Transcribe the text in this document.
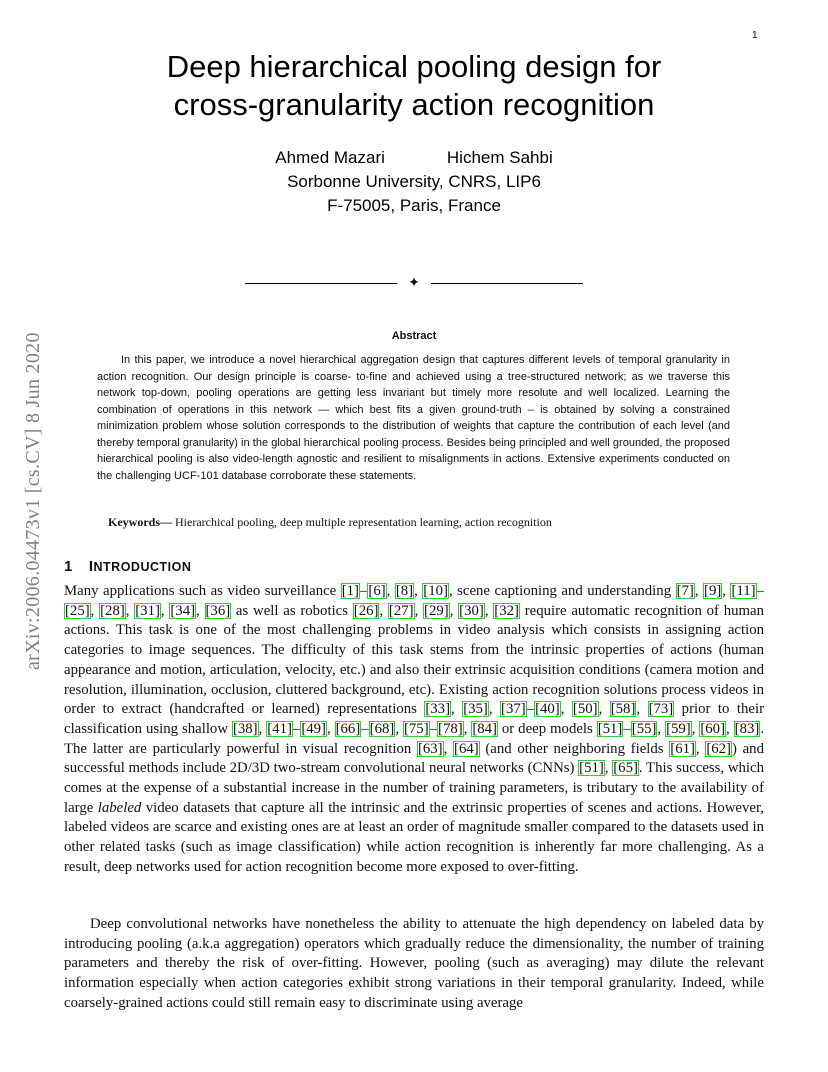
1
arXiv:2006.04473v1 [cs.CV] 8 Jun 2020
Deep hierarchical pooling design for
cross-granularity action recognition
Ahmed Mazari	Hichem Sahbi
Sorbonne University, CNRS, LIP6
F-75005, Paris, France
✦
Abstract
In this paper, we introduce a novel hierarchical aggregation design that captures different levels of temporal granularity in action recognition. Our design principle is coarse- to-fine and achieved using a tree-structured network; as we traverse this network top-down, pooling operations are getting less invariant but timely more resolute and well localized. Learning the combination of operations in this network — which best fits a given ground-truth – is obtained by solving a constrained minimization problem whose solution corresponds to the distribution of weights that capture the contribution of each level (and thereby temporal granularity) in the global hierarchical pooling process. Besides being principled and well grounded, the proposed hierarchical pooling is also video-length agnostic and resilient to misalignments in actions. Extensive experiments conducted on the challenging UCF-101 database corroborate these statements.
Keywords— Hierarchical pooling, deep multiple representation learning, action recognition
1 INTRODUCTION
Many applications such as video surveillance [1]–[6], [8], [10], scene captioning and understanding [7], [9], [11]–[25], [28], [31], [34], [36] as well as robotics [26], [27], [29], [30], [32] require automatic recognition of human actions. This task is one of the most challenging problems in video analysis which consists in assigning action categories to image sequences. The difficulty of this task stems from the intrinsic properties of actions (human appearance and motion, articulation, velocity, etc.) and also their extrinsic acquisition conditions (camera motion and resolution, illumination, occlusion, cluttered background, etc). Existing action recognition solutions process videos in order to extract (handcrafted or learned) representations [33], [35], [37]–[40], [50], [58], [73] prior to their classification using shallow [38], [41]–[49], [66]–[68], [75]–[78], [84] or deep models [51]–[55], [59], [60], [83]. The latter are particularly powerful in visual recognition [63], [64] (and other neighboring fields [61], [62]) and successful methods include 2D/3D two-stream convolutional neural networks (CNNs) [51], [65]. This success, which comes at the expense of a substantial increase in the number of training parameters, is tributary to the availability of large labeled video datasets that capture all the intrinsic and the extrinsic properties of scenes and actions. However, labeled videos are scarce and existing ones are at least an order of magnitude smaller compared to the datasets used in other related tasks (such as image classification) while action recognition is inherently far more challenging. As a result, deep networks used for action recognition become more exposed to over-fitting.
Deep convolutional networks have nonetheless the ability to attenuate the high dependency on labeled data by introducing pooling (a.k.a aggregation) operators which gradually reduce the dimensionality, the number of training parameters and thereby the risk of over-fitting. However, pooling (such as averaging) may dilute the relevant information especially when action categories exhibit strong variations in their temporal granularity. Indeed, while coarsely-grained actions could still remain easy to discriminate using average
